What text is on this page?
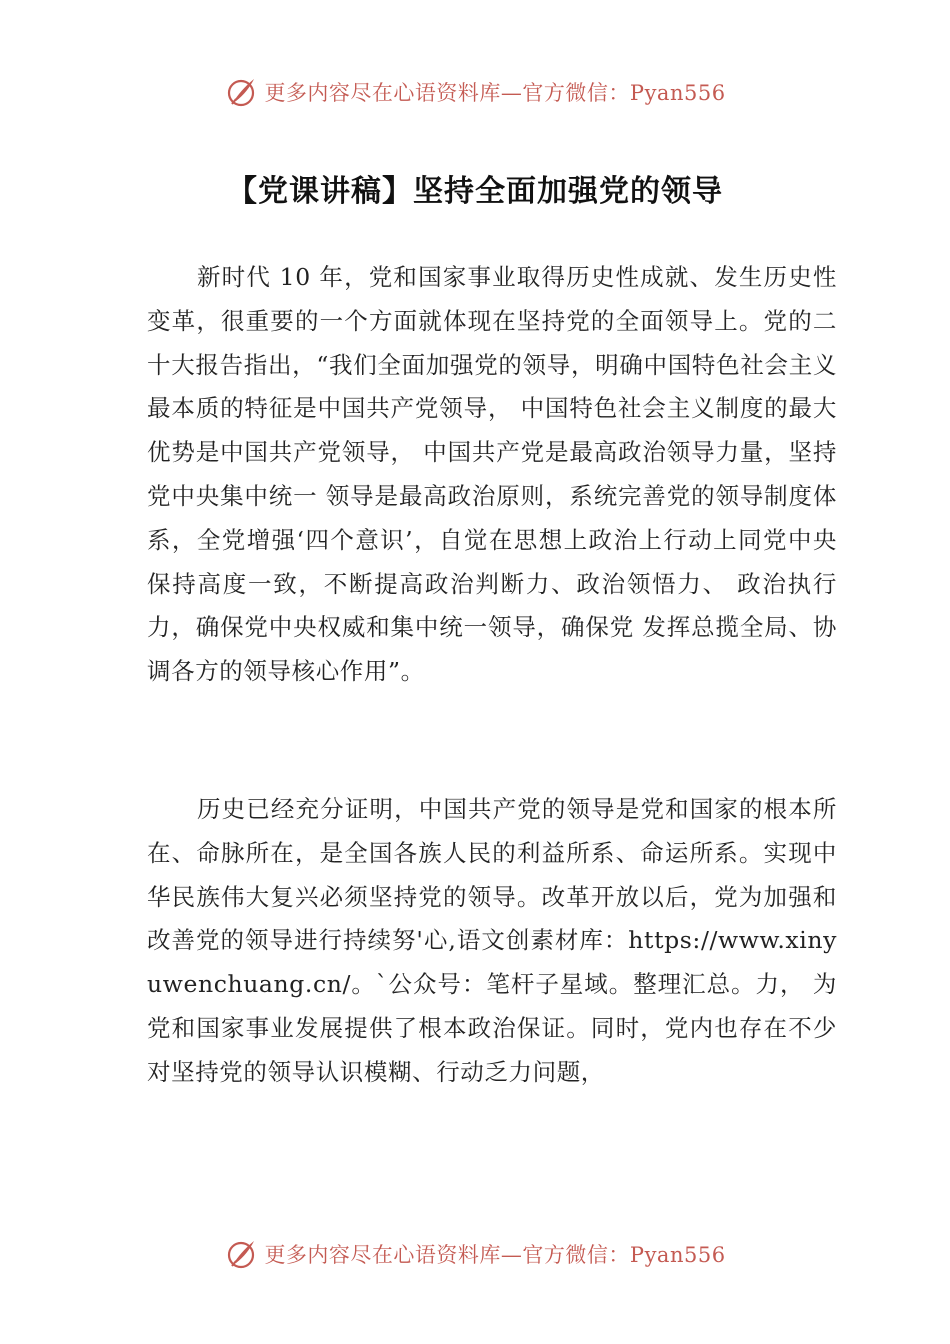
更多内容尽在心语资料库—官方微信：Pyan556
【党课讲稿】坚持全面加强党的领导

新时代 10 年，党和国家事业取得历史性成就、发生历史性变革，很重要的一个方面就体现在坚持党的全面领导上。党的二十大报告指出，“我们全面加强党的领导，明确中国特色社会主义最本质的特征是中国共产党领导， 中国特色社会主义制度的最大优势是中国共产党领导， 中国共产党是最高政治领导力量，坚持党中央集中统一 领导是最高政治原则，系统完善党的领导制度体系，全党增强‘四个意识’，自觉在思想上政治上行动上同党中央保持高度一致，不断提高政治判断力、政治领悟力、 政治执行力，确保党中央权威和集中统一领导，确保党 发挥总揽全局、协调各方的领导核心作用”。

历史已经充分证明，中国共产党的领导是党和国家的根本所在、命脉所在，是全国各族人民的利益所系、命运所系。实现中华民族伟大复兴必须坚持党的领导。改革开放以后，党为加强和改善党的领导进行持续努'心,语文创素材库：https://www.xinyuwenchuang.cn/。`公众号：笔杆子星域。整理汇总。力， 为党和国家事业发展提供了根本政治保证。同时，党内也存在不少对坚持党的领导认识模糊、行动乏力问题，

更多内容尽在心语资料库—官方微信：Pyan556
